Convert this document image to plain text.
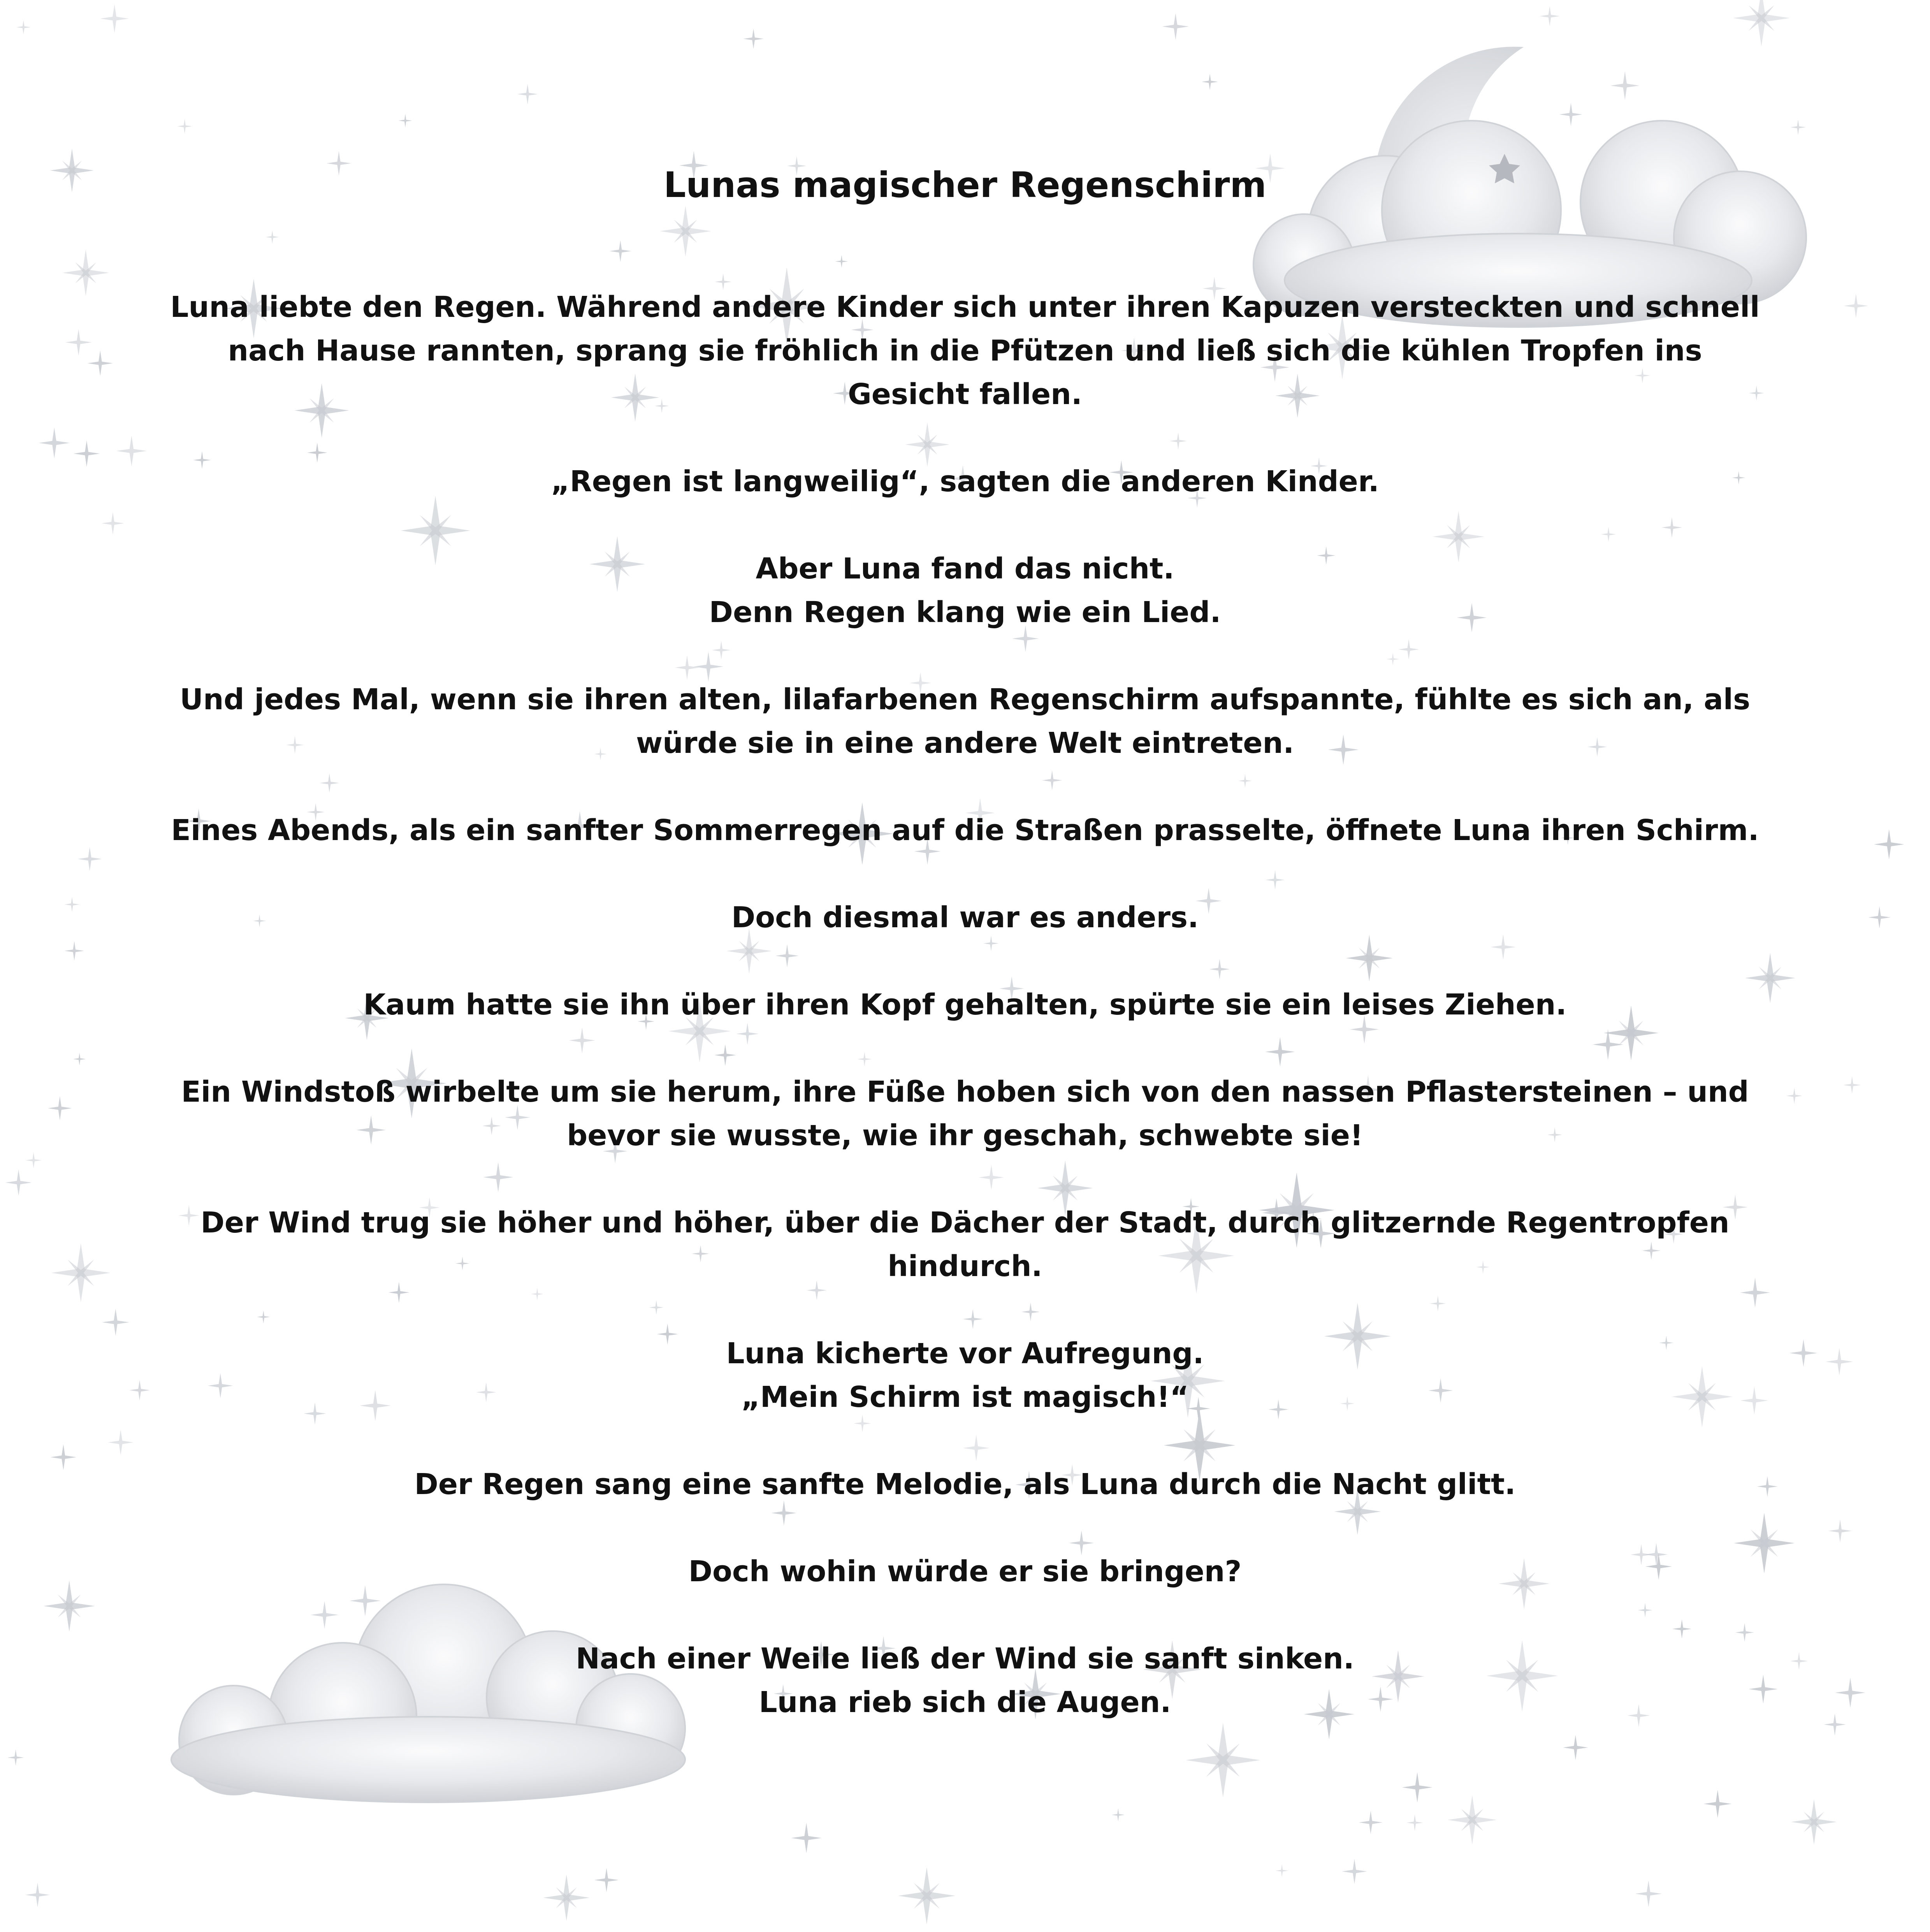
Lunas magischer Regenschirm

Luna liebte den Regen. Während andere Kinder sich unter ihren Kapuzen versteckten und schnell nach Hause rannten, sprang sie fröhlich in die Pfützen und ließ sich die kühlen Tropfen ins Gesicht fallen.

„Regen ist langweilig“, sagten die anderen Kinder.

Aber Luna fand das nicht.
Denn Regen klang wie ein Lied.

Und jedes Mal, wenn sie ihren alten, lilafarbenen Regenschirm aufspannte, fühlte es sich an, als würde sie in eine andere Welt eintreten.

Eines Abends, als ein sanfter Sommerregen auf die Straßen prasselte, öffnete Luna ihren Schirm.

Doch diesmal war es anders.

Kaum hatte sie ihn über ihren Kopf gehalten, spürte sie ein leises Ziehen.

Ein Windstoß wirbelte um sie herum, ihre Füße hoben sich von den nassen Pflastersteinen – und bevor sie wusste, wie ihr geschah, schwebte sie!

Der Wind trug sie höher und höher, über die Dächer der Stadt, durch glitzernde Regentropfen hindurch.

Luna kicherte vor Aufregung.
„Mein Schirm ist magisch!“

Der Regen sang eine sanfte Melodie, als Luna durch die Nacht glitt.

Doch wohin würde er sie bringen?

Nach einer Weile ließ der Wind sie sanft sinken.
Luna rieb sich die Augen.
